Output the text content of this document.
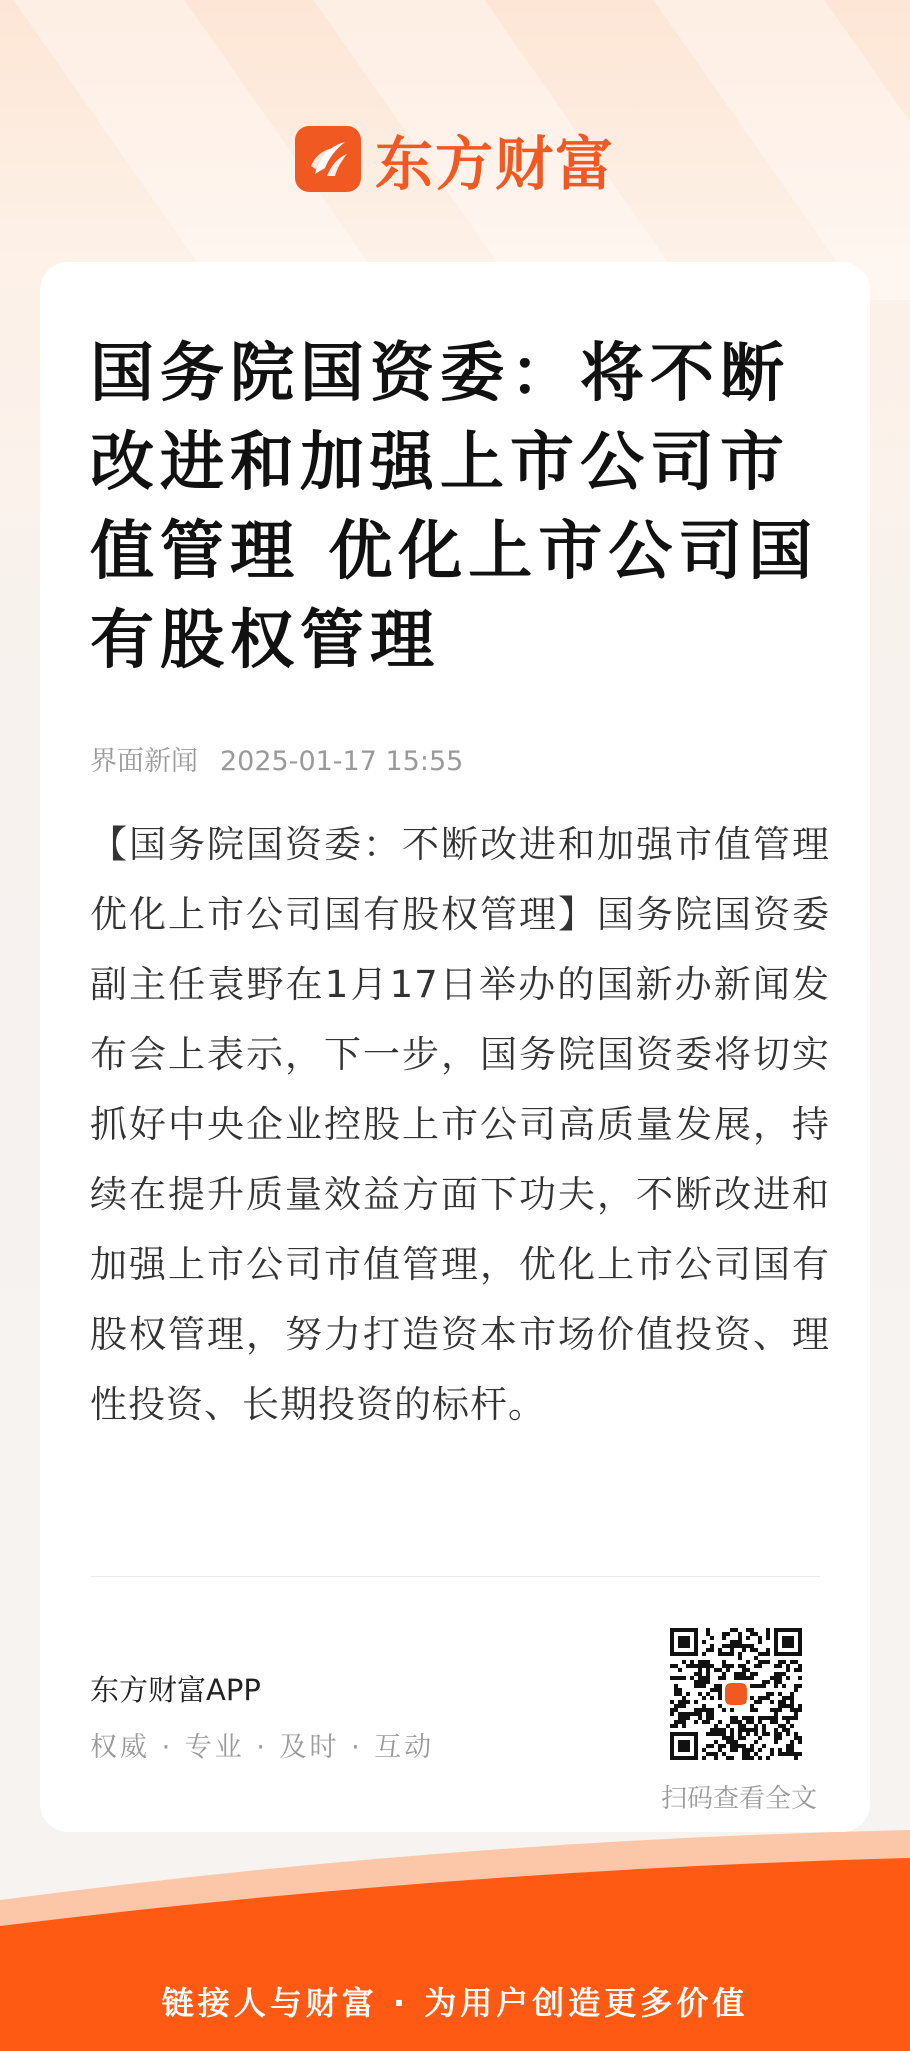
东方财富
国务院国资委：将不断改进和加强上市公司市值管理 优化上市公司国有股权管理
界面新闻 2025-01-17 15:55

【国务院国资委：不断改进和加强市值管理 优化上市公司国有股权管理】国务院国资委副主任袁野在1月17日举办的国新办新闻发布会上表示，下一步，国务院国资委将切实抓好中央企业控股上市公司高质量发展，持续在提升质量效益方面下功夫，不断改进和加强上市公司市值管理，优化上市公司国有股权管理，努力打造资本市场价值投资、理性投资、长期投资的标杆。

东方财富APP
权威 · 专业 · 及时 · 互动
扫码查看全文
链接人与财富 · 为用户创造更多价值
